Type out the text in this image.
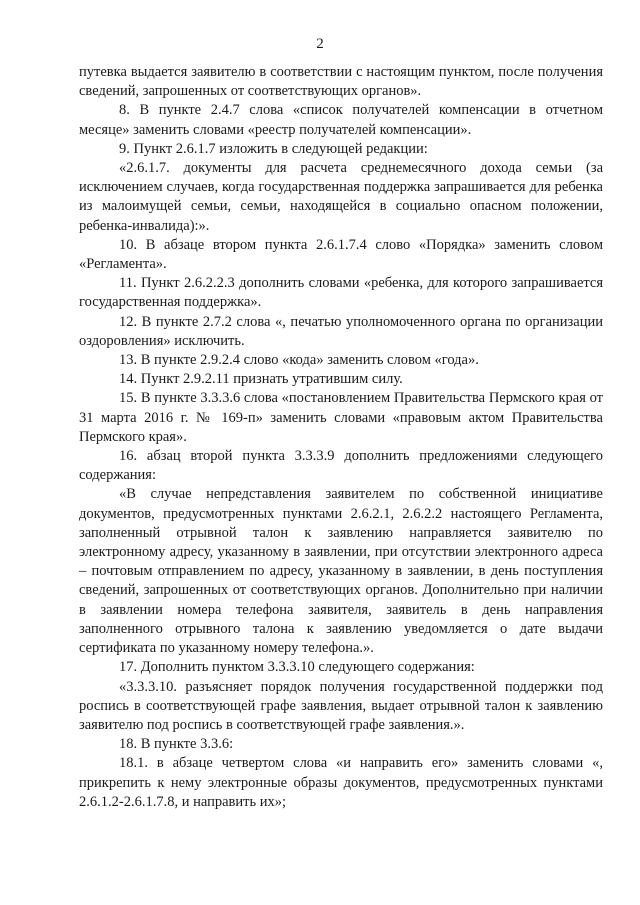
2

путевка выдается заявителю в соответствии с настоящим пунктом, после получения сведений, запрошенных от соответствующих органов».

8. В пункте 2.4.7 слова «список получателей компенсации в отчетном месяце» заменить словами «реестр получателей компенсации».

9. Пункт 2.6.1.7 изложить в следующей редакции:

«2.6.1.7. документы для расчета среднемесячного дохода семьи (за исключением случаев, когда государственная поддержка запрашивается для ребенка из малоимущей семьи, семьи, находящейся в социально опасном положении, ребенка-инвалида):».

10. В абзаце втором пункта 2.6.1.7.4 слово «Порядка» заменить словом «Регламента».

11. Пункт 2.6.2.2.3 дополнить словами «ребенка, для которого запрашивается государственная поддержка».

12. В пункте 2.7.2 слова «, печатью уполномоченного органа по организации оздоровления» исключить.

13. В пункте 2.9.2.4 слово «кода» заменить словом «года».

14. Пункт 2.9.2.11 признать утратившим силу.

15. В пункте 3.3.3.6 слова «постановлением Правительства Пермского края от 31 марта 2016 г. № 169-п» заменить словами «правовым актом Правительства Пермского края».

16. абзац второй пункта 3.3.3.9 дополнить предложениями следующего содержания:

«В случае непредставления заявителем по собственной инициативе документов, предусмотренных пунктами 2.6.2.1, 2.6.2.2 настоящего Регламента, заполненный отрывной талон к заявлению направляется заявителю по электронному адресу, указанному в заявлении, при отсутствии электронного адреса – почтовым отправлением по адресу, указанному в заявлении, в день поступления сведений, запрошенных от соответствующих органов. Дополнительно при наличии в заявлении номера телефона заявителя, заявитель в день направления заполненного отрывного талона к заявлению уведомляется о дате выдачи сертификата по указанному номеру телефона.».

17. Дополнить пунктом 3.3.3.10 следующего содержания:

«3.3.3.10. разъясняет порядок получения государственной поддержки под роспись в соответствующей графе заявления, выдает отрывной талон к заявлению заявителю под роспись в соответствующей графе заявления.».

18. В пункте 3.3.6:

18.1. в абзаце четвертом слова «и направить его» заменить словами «, прикрепить к нему электронные образы документов, предусмотренных пунктами 2.6.1.2-2.6.1.7.8, и направить их»;
